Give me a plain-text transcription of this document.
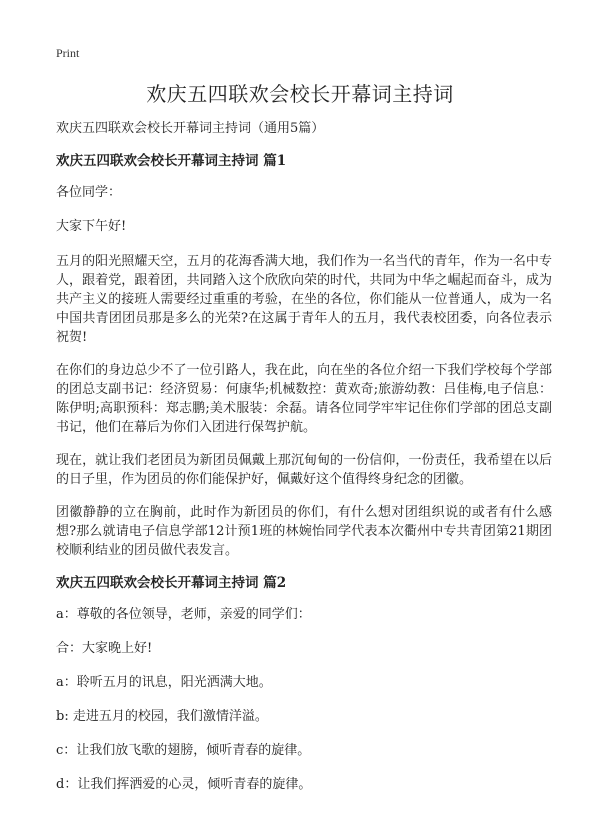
Print
欢庆五四联欢会校长开幕词主持词

欢庆五四联欢会校长开幕词主持词（通用5篇）

欢庆五四联欢会校长开幕词主持词 篇1

各位同学：

大家下午好!

五月的阳光照耀天空，五月的花海香满大地，我们作为一名当代的青年，作为一名中专人，跟着党，跟着团，共同踏入这个欣欣向荣的时代，共同为中华之崛起而奋斗，成为共产主义的接班人需要经过重重的考验，在坐的各位，你们能从一位普通人，成为一名中国共青团团员那是多么的光荣?在这属于青年人的五月，我代表校团委，向各位表示祝贺!

在你们的身边总少不了一位引路人，我在此，向在坐的各位介绍一下我们学校每个学部的团总支副书记：经济贸易：何康华;机械数控：黄欢奇;旅游幼教：吕佳梅,电子信息：陈伊明;高职预科：郑志鹏;美术服装：余磊。请各位同学牢牢记住你们学部的团总支副书记，他们在幕后为你们入团进行保驾护航。

现在，就让我们老团员为新团员佩戴上那沉甸甸的一份信仰，一份责任，我希望在以后的日子里，作为团员的你们能保护好，佩戴好这个值得终身纪念的团徽。

团徽静静的立在胸前，此时作为新团员的你们，有什么想对团组织说的或者有什么感想?那么就请电子信息学部12计预1班的林婉怡同学代表本次衢州中专共青团第21期团校顺利结业的团员做代表发言。

欢庆五四联欢会校长开幕词主持词 篇2

a：尊敬的各位领导，老师，亲爱的同学们：

合：大家晚上好!

a：聆听五月的讯息，阳光洒满大地。

b: 走进五月的校园，我们激情洋溢。

c：让我们放飞歌的翅膀，倾听青春的旋律。

d：让我们挥洒爱的心灵，倾听青春的旋律。
